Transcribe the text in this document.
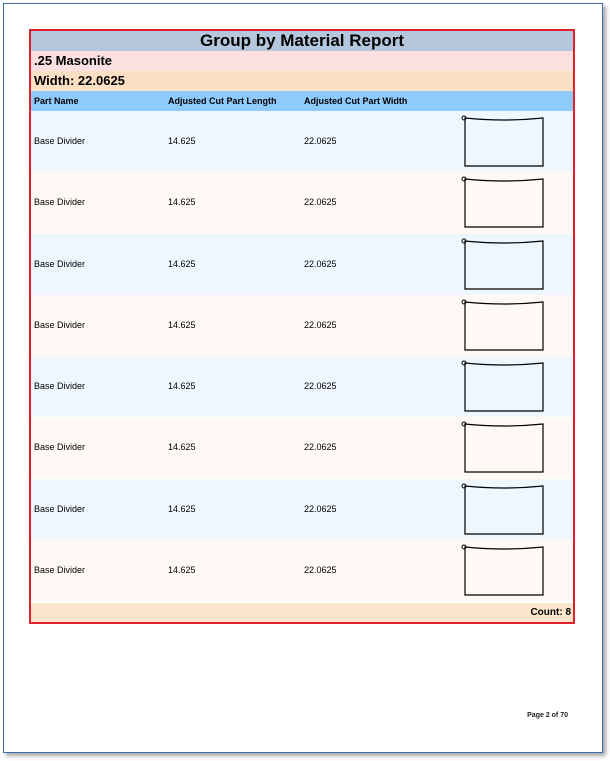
Group by Material Report
.25 Masonite
Width: 22.0625
Part Name	Adjusted Cut Part Length	Adjusted Cut Part Width
Base Divider	14.625	22.0625
Base Divider	14.625	22.0625
Base Divider	14.625	22.0625
Base Divider	14.625	22.0625
Base Divider	14.625	22.0625
Base Divider	14.625	22.0625
Base Divider	14.625	22.0625
Base Divider	14.625	22.0625
Count: 8
Page 2 of 70
